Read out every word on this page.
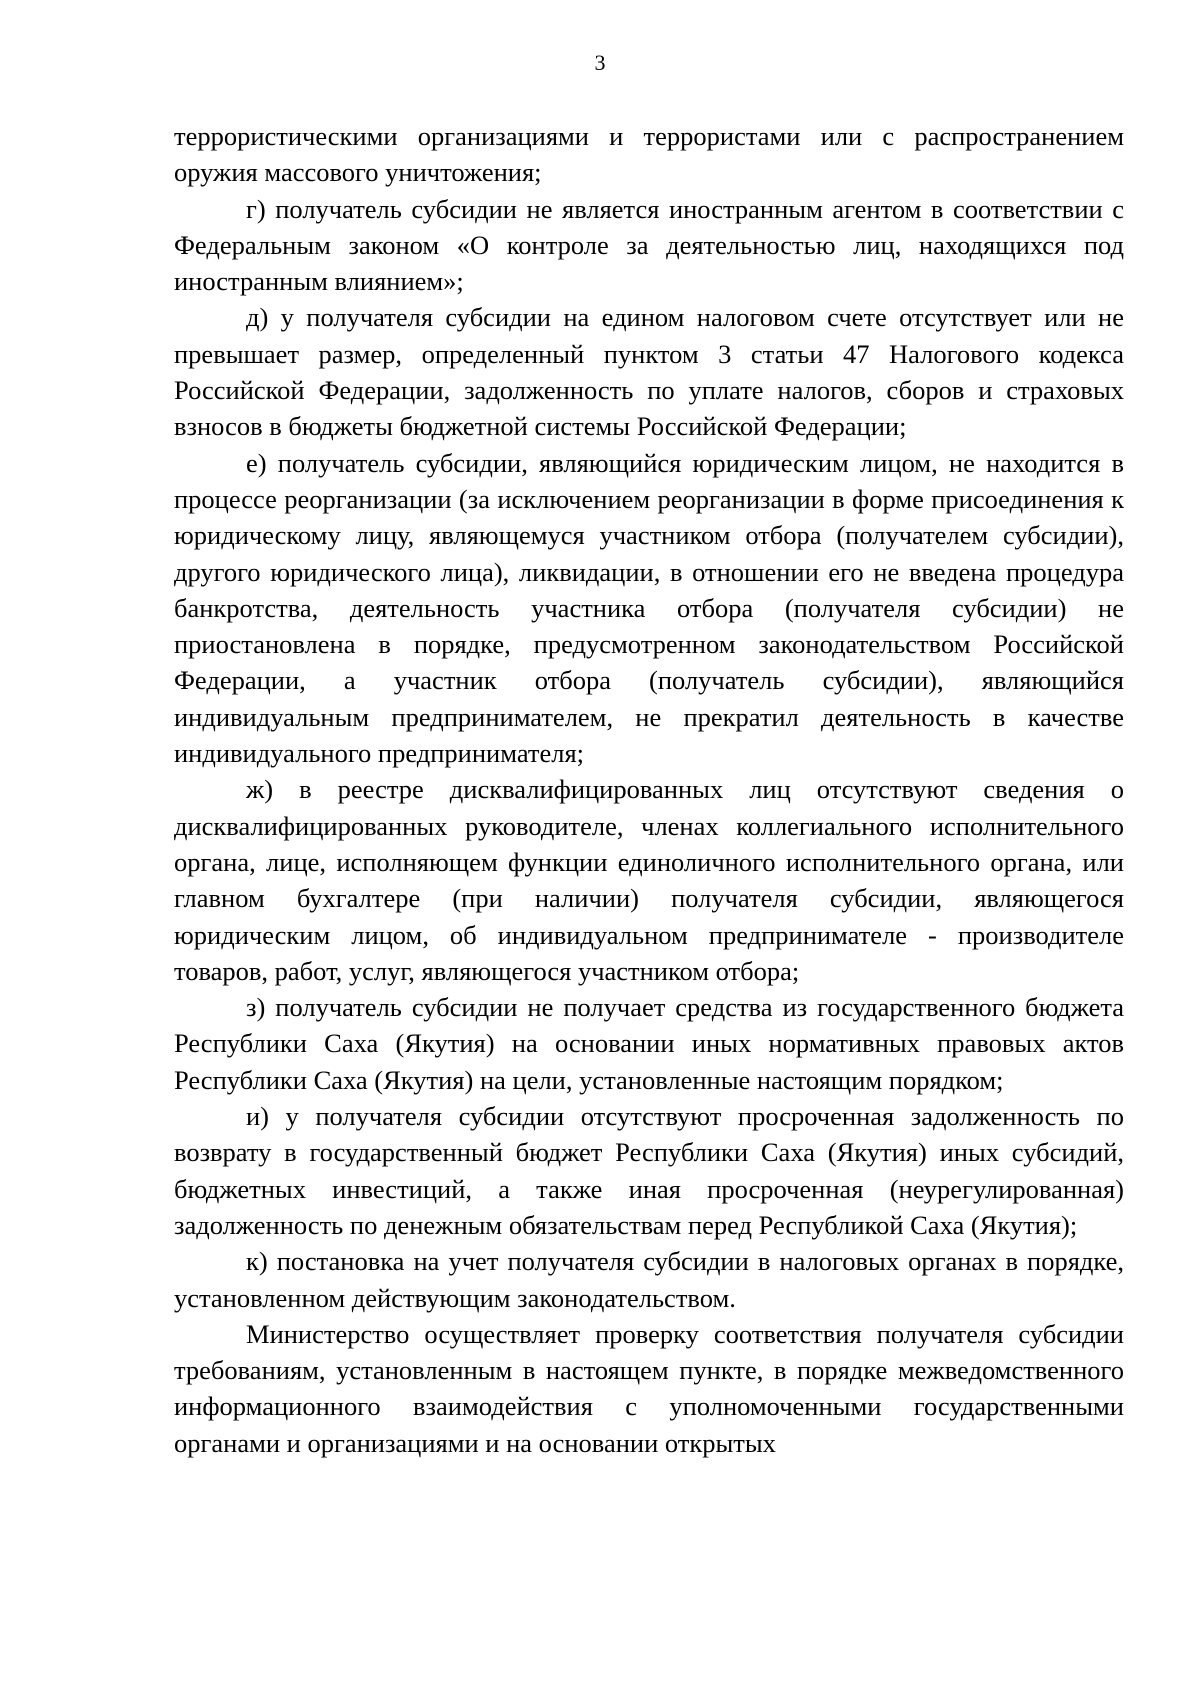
3

террористическими организациями и террористами или с распространением оружия массового уничтожения;

г) получатель субсидии не является иностранным агентом в соответствии с Федеральным законом «О контроле за деятельностью лиц, находящихся под иностранным влиянием»;

д) у получателя субсидии на едином налоговом счете отсутствует или не превышает размер, определенный пунктом 3 статьи 47 Налогового кодекса Российской Федерации, задолженность по уплате налогов, сборов и страховых взносов в бюджеты бюджетной системы Российской Федерации;

е) получатель субсидии, являющийся юридическим лицом, не находится в процессе реорганизации (за исключением реорганизации в форме присоединения к юридическому лицу, являющемуся участником отбора (получателем субсидии), другого юридического лица), ликвидации, в отношении его не введена процедура банкротства, деятельность участника отбора (получателя субсидии) не приостановлена в порядке, предусмотренном законодательством Российской Федерации, а участник отбора (получатель субсидии), являющийся индивидуальным предпринимателем, не прекратил деятельность в качестве индивидуального предпринимателя;

ж) в реестре дисквалифицированных лиц отсутствуют сведения о дисквалифицированных руководителе, членах коллегиального исполнительного органа, лице, исполняющем функции единоличного исполнительного органа, или главном бухгалтере (при наличии) получателя субсидии, являющегося юридическим лицом, об индивидуальном предпринимателе - производителе товаров, работ, услуг, являющегося участником отбора;

з) получатель субсидии не получает средства из государственного бюджета Республики Саха (Якутия) на основании иных нормативных правовых актов Республики Саха (Якутия) на цели, установленные настоящим порядком;

и) у получателя субсидии отсутствуют просроченная задолженность по возврату в государственный бюджет Республики Саха (Якутия) иных субсидий, бюджетных инвестиций, а также иная просроченная (неурегулированная) задолженность по денежным обязательствам перед Республикой Саха (Якутия);

к) постановка на учет получателя субсидии в налоговых органах в порядке, установленном действующим законодательством.

Министерство осуществляет проверку соответствия получателя субсидии требованиям, установленным в настоящем пункте, в порядке межведомственного информационного взаимодействия с уполномоченными государственными органами и организациями и на основании открытых
